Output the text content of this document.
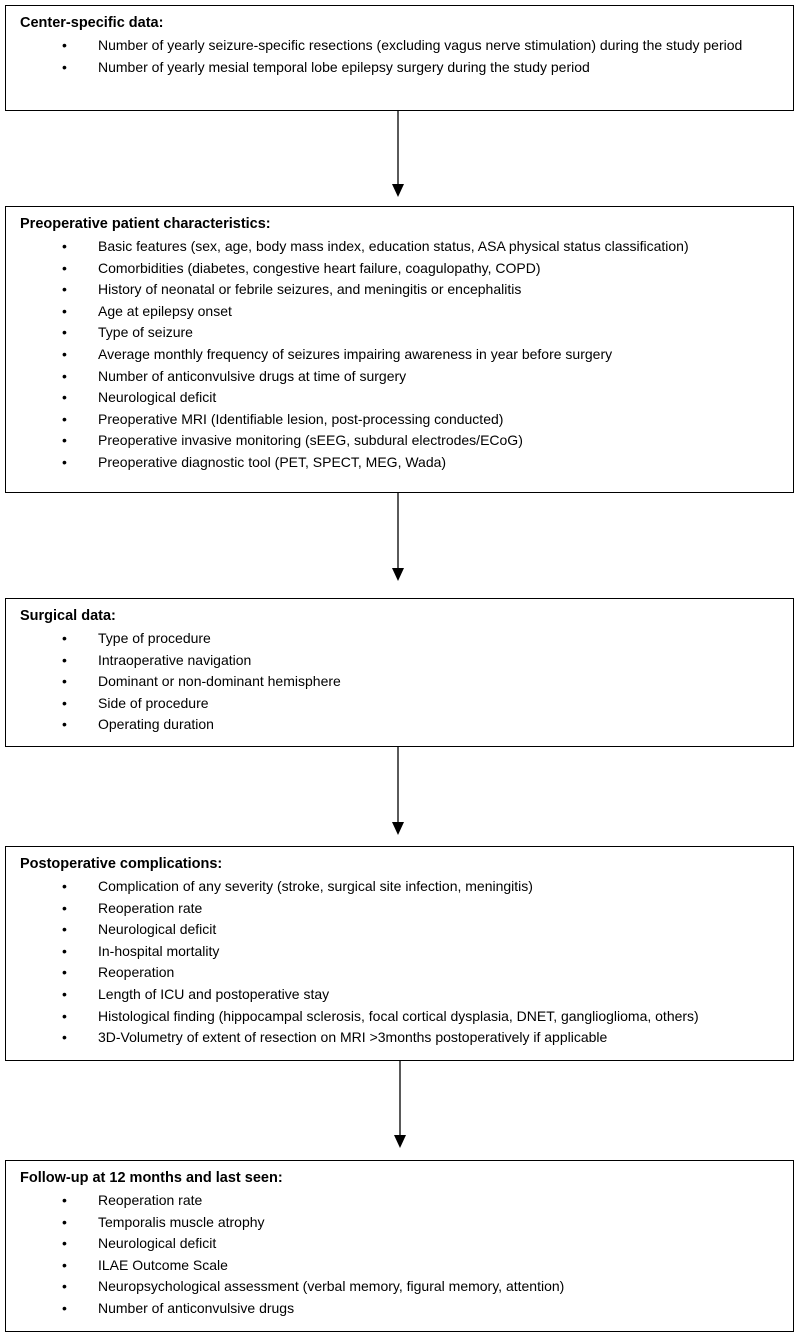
Center-specific data:

• Number of yearly seizure-specific resections (excluding vagus nerve stimulation) during the study period
• Number of yearly mesial temporal lobe epilepsy surgery during the study period

Preoperative patient characteristics:

• Basic features (sex, age, body mass index, education status, ASA physical status classification)
• Comorbidities (diabetes, congestive heart failure, coagulopathy, COPD)
• History of neonatal or febrile seizures, and meningitis or encephalitis
• Age at epilepsy onset
• Type of seizure
• Average monthly frequency of seizures impairing awareness in year before surgery
• Number of anticonvulsive drugs at time of surgery
• Neurological deficit
• Preoperative MRI (Identifiable lesion, post-processing conducted)
• Preoperative invasive monitoring (sEEG, subdural electrodes/ECoG)
• Preoperative diagnostic tool (PET, SPECT, MEG, Wada)

Surgical data:

• Type of procedure
• Intraoperative navigation
• Dominant or non-dominant hemisphere
• Side of procedure
• Operating duration

Postoperative complications:

• Complication of any severity (stroke, surgical site infection, meningitis)
• Reoperation rate
• Neurological deficit
• In-hospital mortality
• Reoperation
• Length of ICU and postoperative stay
• Histological finding (hippocampal sclerosis, focal cortical dysplasia, DNET, ganglioglioma, others)
• 3D-Volumetry of extent of resection on MRI >3months postoperatively if applicable

Follow-up at 12 months and last seen:

• Reoperation rate
• Temporalis muscle atrophy
• Neurological deficit
• ILAE Outcome Scale
• Neuropsychological assessment (verbal memory, figural memory, attention)
• Number of anticonvulsive drugs
